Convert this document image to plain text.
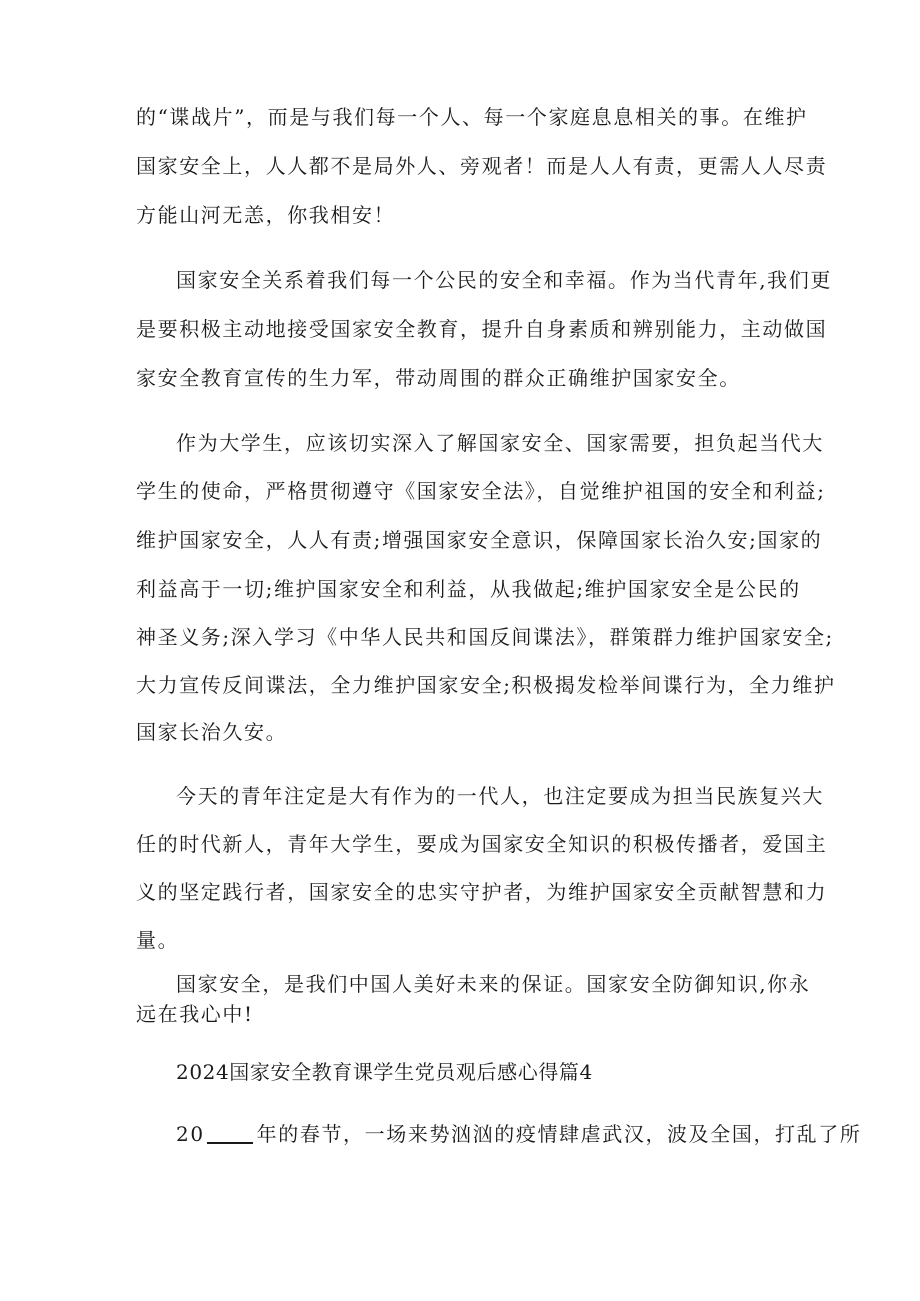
的“谍战片”，而是与我们每一个人、每一个家庭息息相关的事。在维护
国家安全上，人人都不是局外人、旁观者！而是人人有责，更需人人尽责
方能山河无恙，你我相安！
国家安全关系着我们每一个公民的安全和幸福。作为当代青年,我们更
是要积极主动地接受国家安全教育，提升自身素质和辨别能力，主动做国
家安全教育宣传的生力军，带动周围的群众正确维护国家安全。
作为大学生，应该切实深入了解国家安全、国家需要，担负起当代大
学生的使命，严格贯彻遵守《国家安全法》，自觉维护祖国的安全和利益;
维护国家安全，人人有责;增强国家安全意识，保障国家长治久安;国家的
利益高于一切;维护国家安全和利益，从我做起;维护国家安全是公民的
神圣义务;深入学习《中华人民共和国反间谍法》，群策群力维护国家安全;
大力宣传反间谍法，全力维护国家安全;积极揭发检举间谍行为，全力维护
国家长治久安。
今天的青年注定是大有作为的一代人，也注定要成为担当民族复兴大
任的时代新人，青年大学生，要成为国家安全知识的积极传播者，爱国主
义的坚定践行者，国家安全的忠实守护者，为维护国家安全贡献智慧和力
量。
国家安全，是我们中国人美好未来的保证。国家安全防御知识,你永
远在我心中!
2024国家安全教育课学生党员观后感心得篇4
20	年的春节，一场来势汹汹的疫情肆虐武汉，波及全国，打乱了所
